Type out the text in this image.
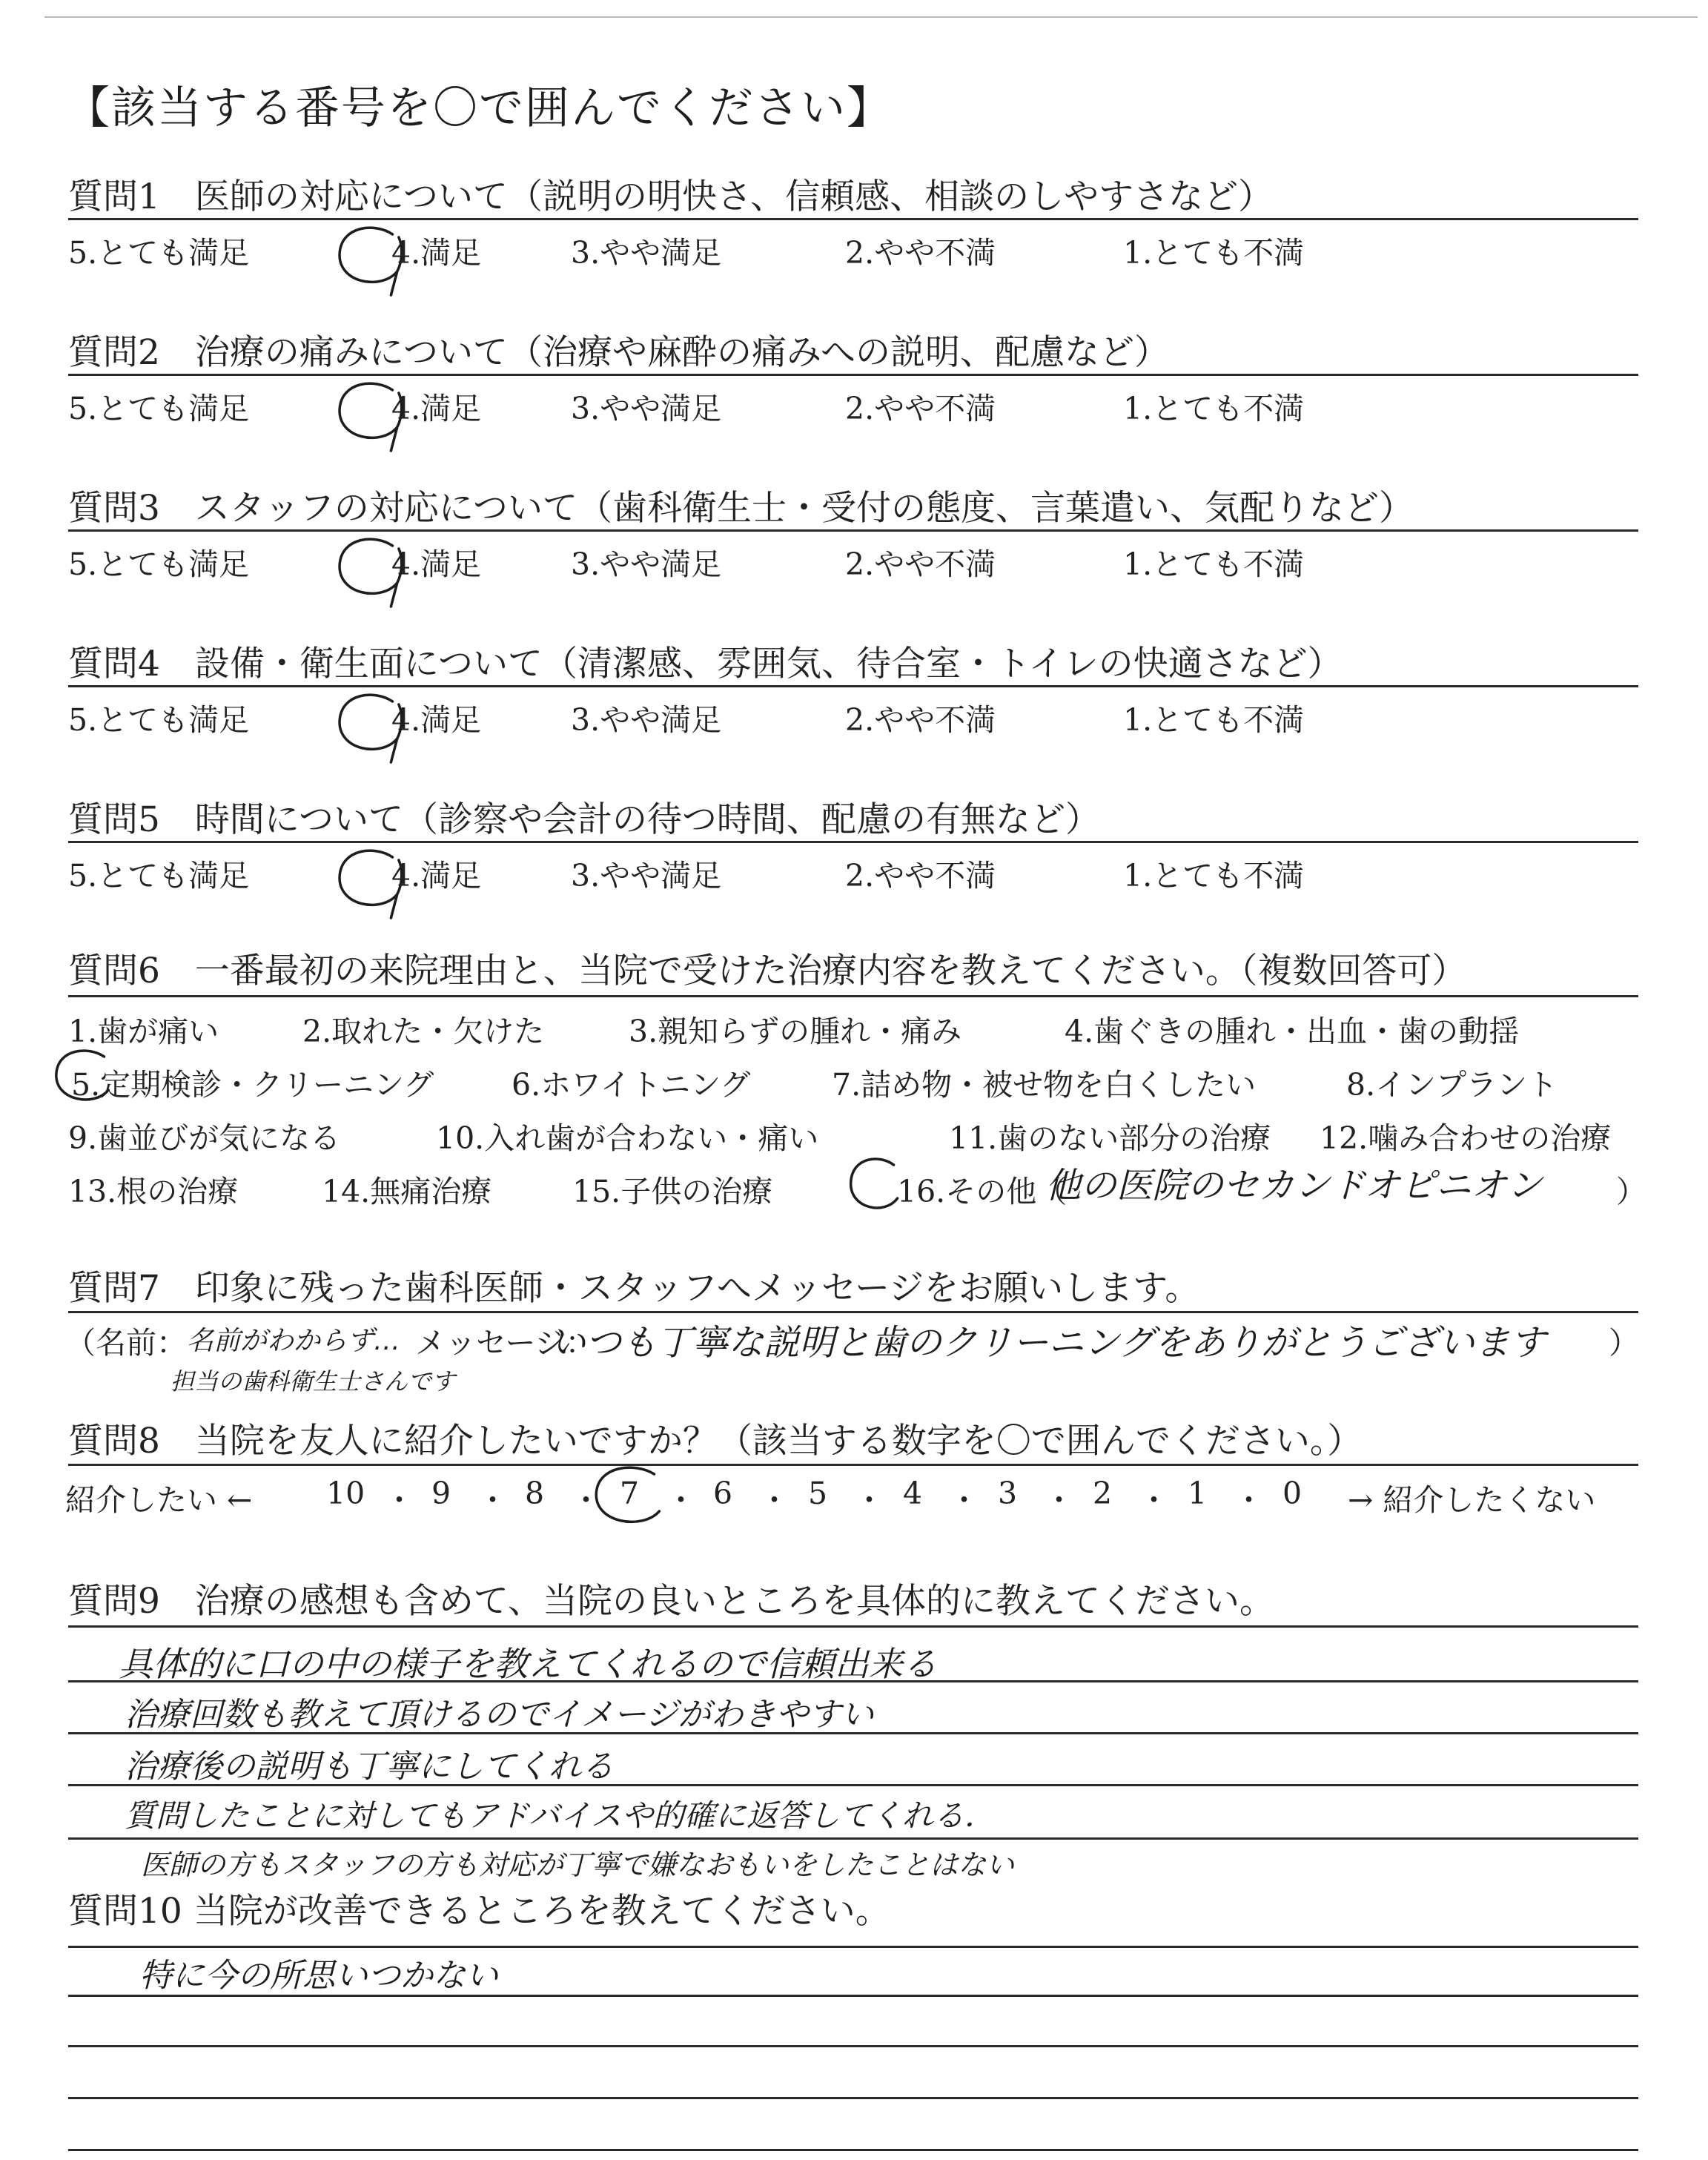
【該当する番号を〇で囲んでください】
質問6　一番最初の来院理由と、当院で受けた治療内容を教えてください。（複数回答可）
他の医院のセカンドオピニオン
質問7　印象に残った歯科医師・スタッフへメッセージをお願いします。
（名前： 名前がわからず… メッセージ：
いつも丁寧な説明と歯のクリーニングをありがとうございます ）
担当の歯科衛生士さんです
質問8　当院を友人に紹介したいですか？（該当する数字を〇で囲んでください。）
紹介したい ←	→ 紹介したくない
質問9　治療の感想も含めて、当院の良いところを具体的に教えてください。
質問10 当院が改善できるところを教えてください。
質問1　医師の対応について（説明の明快さ、信頼感、相談のしやすさなど）
5.とても満足	4.満足	3.やや満足	2.やや不満	1.とても不満
質問2　治療の痛みについて（治療や麻酔の痛みへの説明、配慮など）
5.とても満足	4.満足	3.やや満足	2.やや不満	1.とても不満
質問3　スタッフの対応について（歯科衛生士・受付の態度、言葉遣い、気配りなど）
5.とても満足	4.満足	3.やや満足	2.やや不満	1.とても不満
質問4　設備・衛生面について（清潔感、雰囲気、待合室・トイレの快適さなど）
5.とても満足	4.満足	3.やや満足	2.やや不満	1.とても不満
質問5　時間について（診察や会計の待つ時間、配慮の有無など）
5.とても満足	4.満足	3.やや満足	2.やや不満	1.とても不満
1.歯が痛い	2.取れた・欠けた	3.親知らずの腫れ・痛み	4.歯ぐきの腫れ・出血・歯の動揺
5.定期検診・クリーニング	6.ホワイトニング	7.詰め物・被せ物を白くしたい	8.インプラント
9.歯並びが気になる	10.入れ歯が合わない・痛い	11.歯のない部分の治療 12.噛み合わせの治療
13.根の治療	14.無痛治療	15.子供の治療	16.その他（	）
10 ・ 9 ・ 8 ・ 7 ・ 6 ・ 5 ・ 4 ・ 3 ・ 2 ・ 1 ・ 0
具体的に口の中の様子を教えてくれるので信頼出来る
治療回数も教えて頂けるのでイメージがわきやすい
治療後の説明も丁寧にしてくれる
質問したことに対してもアドバイスや的確に返答してくれる．
医師の方もスタッフの方も対応が丁寧で嫌なおもいをしたことはない
特に今の所思いつかない
